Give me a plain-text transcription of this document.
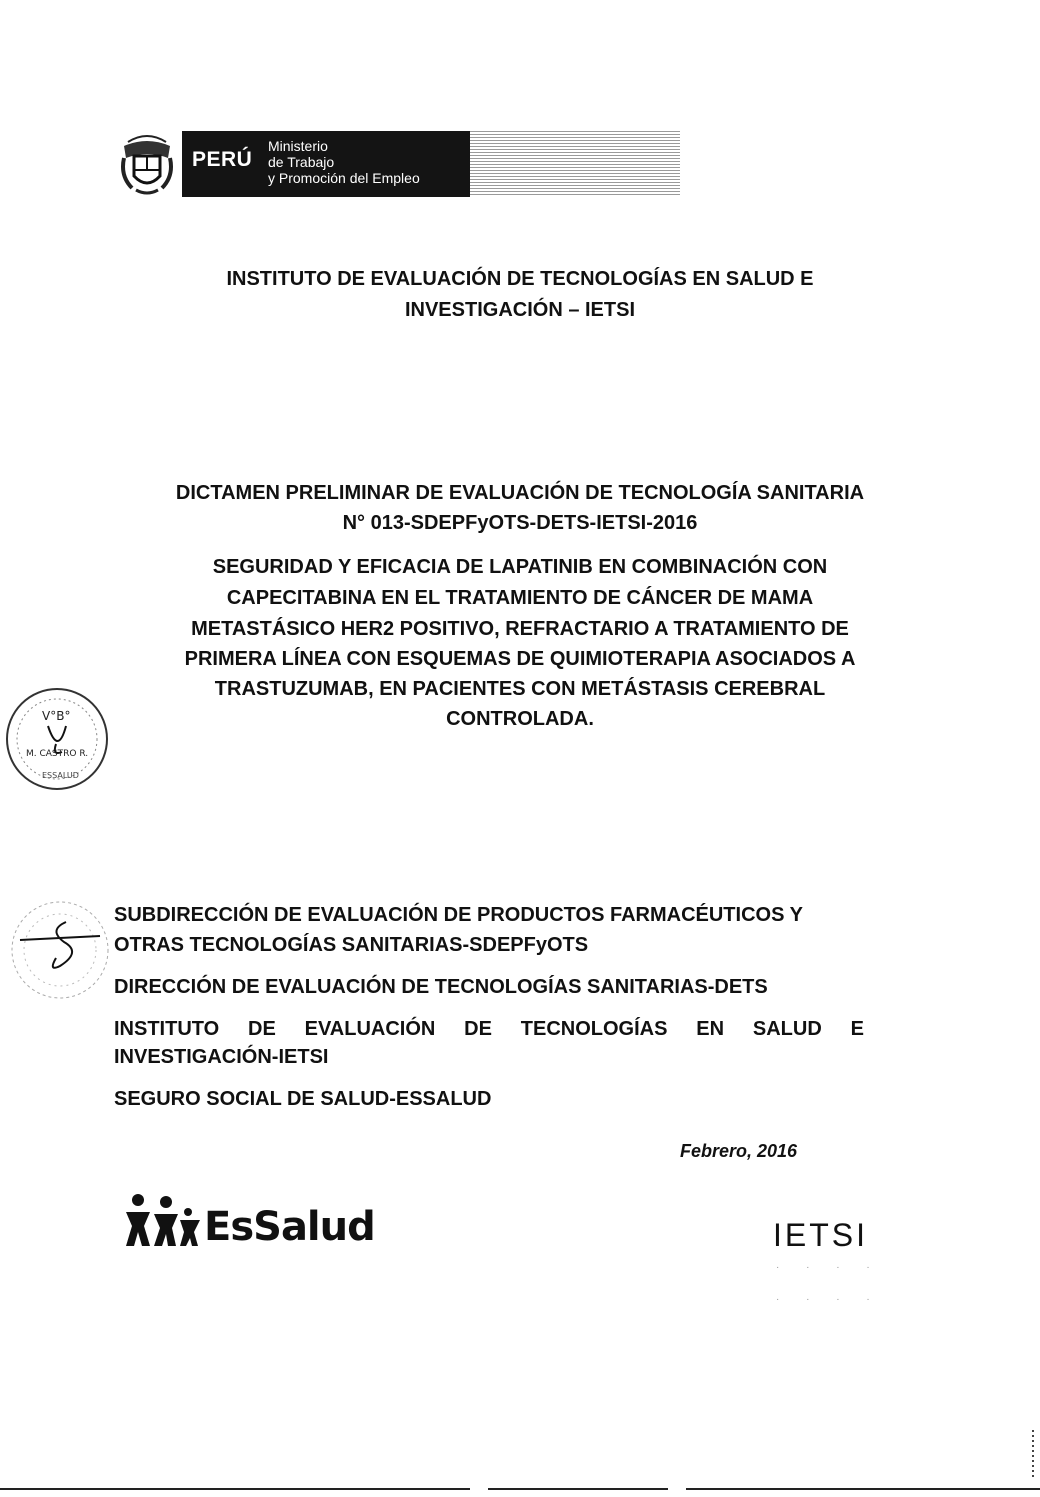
PERÚ
Ministerio
de Trabajo
y Promoción del Empleo
INSTITUTO DE EVALUACIÓN DE TECNOLOGÍAS EN SALUD E
INVESTIGACIÓN – IETSI
DICTAMEN PRELIMINAR DE EVALUACIÓN DE TECNOLOGÍA SANITARIA
N° 013-SDEPFyOTS-DETS-IETSI-2016
SEGURIDAD Y EFICACIA DE LAPATINIB EN COMBINACIÓN CON
CAPECITABINA EN EL TRATAMIENTO DE CÁNCER DE MAMA
METASTÁSICO HER2 POSITIVO, REFRACTARIO A TRATAMIENTO DE
PRIMERA LÍNEA CON ESQUEMAS DE QUIMIOTERAPIA ASOCIADOS A
TRASTUZUMAB, EN PACIENTES CON METÁSTASIS CEREBRAL
CONTROLADA.
V°B°
M. CASTRO R.
ESSALUD
SUBDIRECCIÓN DE EVALUACIÓN DE PRODUCTOS FARMACÉUTICOS Y
OTRAS TECNOLOGÍAS SANITARIAS-SDEPFyOTS
DIRECCIÓN DE EVALUACIÓN DE TECNOLOGÍAS SANITARIAS-DETS
INSTITUTO DE EVALUACIÓN DE TECNOLOGÍAS EN SALUD E
INVESTIGACIÓN-IETSI
SEGURO SOCIAL DE SALUD-ESSALUD
Febrero, 2016
EsSalud	IETSI
· · · ·
· · · ·
